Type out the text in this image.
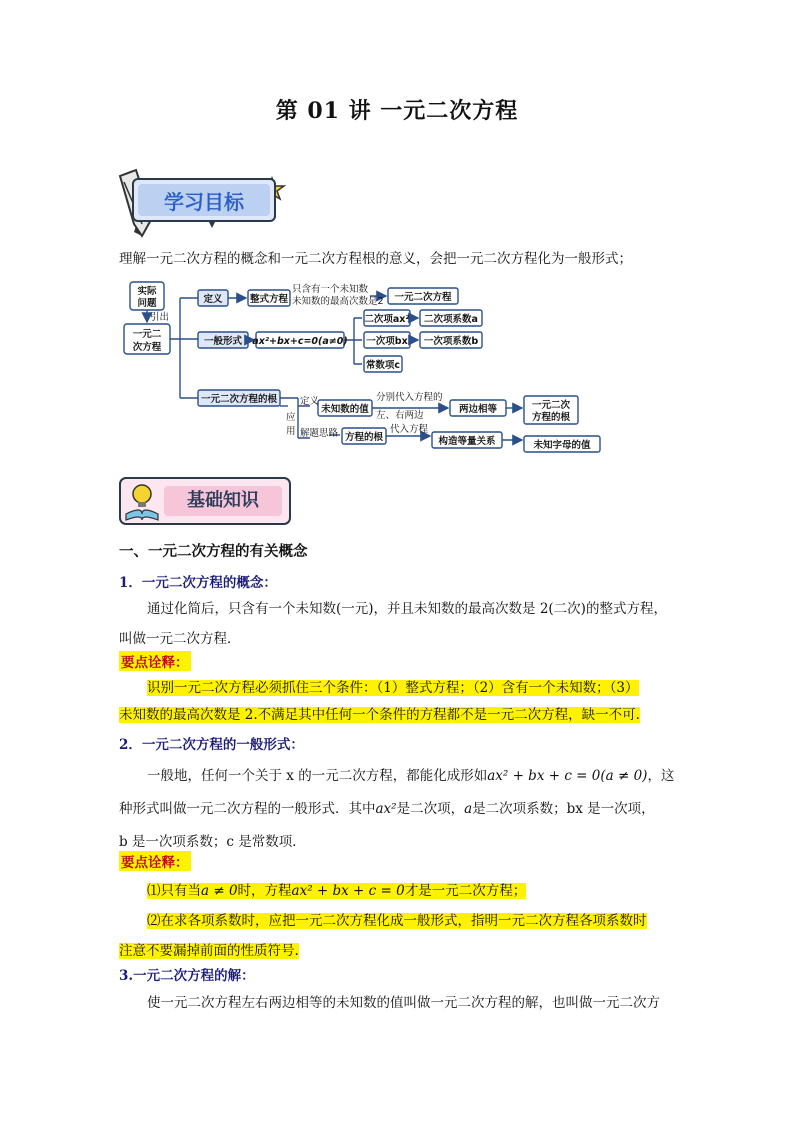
第 01 讲 一元二次方程
学习目标
理解一元二次方程的概念和一元二次方程根的意义，会把一元二次方程化为一般形式；
实际
问题
引出
一元二
次方程
定义	整式方程
只含有一个未知数
未知数的最高次数是2 一元二次方程
一般形式 ax²+bx+c=0(a≠0)
二次项ax²
一次项bx
常数项c
二次项系数a
一次项系数b
一元二次方程的根
应
用
定义
未知数的值
分别代入方程的
左、右两边
两边相等	一元二次
方程的根
解题思路 方程的根
代入方程
构造等量关系	未知字母的值
基础知识
一、一元二次方程的有关概念
1．一元二次方程的概念：
通过化简后，只含有一个未知数(一元)，并且未知数的最高次数是 2(二次)的整式方程，叫做一元二次方程．
要点诠释：
识别一元二次方程必须抓住三个条件：（1）整式方程；（2）含有一个未知数；（3）
未知数的最高次数是 2.不满足其中任何一个条件的方程都不是一元二次方程，缺一不可.
2．一元二次方程的一般形式：
一般地，任何一个关于 x 的一元二次方程，都能化成形如ax² + bx + c = 0(a ≠ 0)，这
种形式叫做一元二次方程的一般形式．其中ax²是二次项，a是二次项系数；bx 是一次项，
b 是一次项系数；c 是常数项．
要点诠释：
⑴只有当a ≠ 0时，方程ax² + bx + c = 0才是一元二次方程；
⑵在求各项系数时，应把一元二次方程化成一般形式，指明一元二次方程各项系数时
注意不要漏掉前面的性质符号.
3.一元二次方程的解：
使一元二次方程左右两边相等的未知数的值叫做一元二次方程的解，也叫做一元二次方
